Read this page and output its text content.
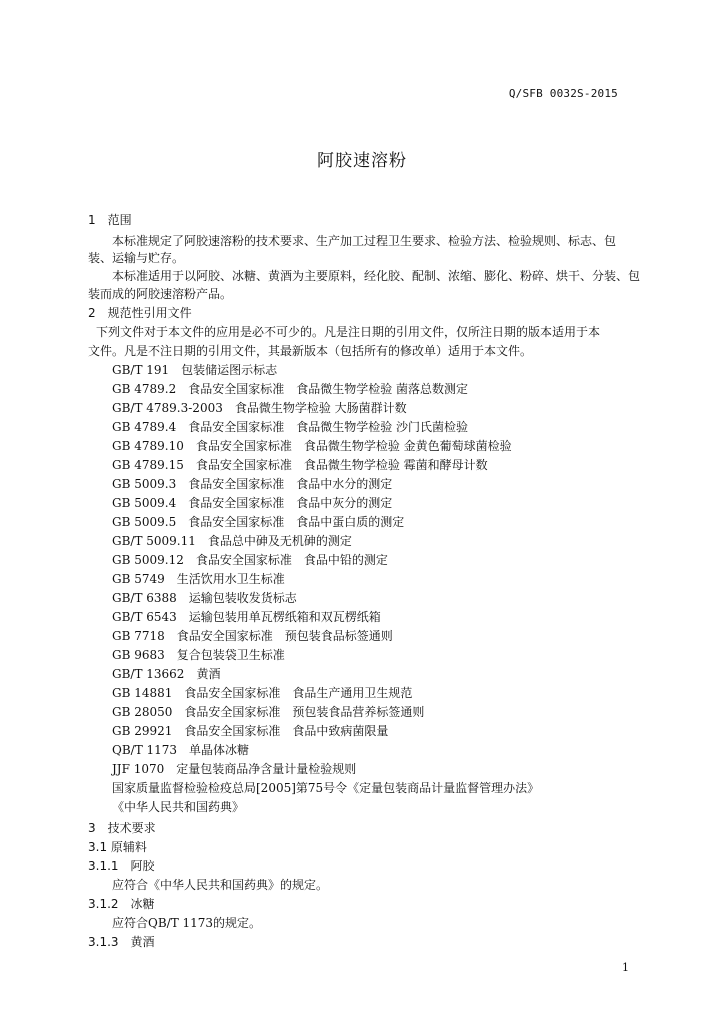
Q/SFB 0032S-2015
阿胶速溶粉
1　范围
本标准规定了阿胶速溶粉的技术要求、生产加工过程卫生要求、检验方法、检验规则、标志、包
装、运输与贮存。
本标准适用于以阿胶、冰糖、黄酒为主要原料，经化胶、配制、浓缩、膨化、粉碎、烘干、分装、包
装而成的阿胶速溶粉产品。
2　规范性引用文件
下列文件对于本文件的应用是必不可少的。凡是注日期的引用文件，仅所注日期的版本适用于本
文件。凡是不注日期的引用文件，其最新版本（包括所有的修改单）适用于本文件。
GB/T 191　包装储运图示标志
GB 4789.2　食品安全国家标准　食品微生物学检验 菌落总数测定
GB/T 4789.3-2003　食品微生物学检验 大肠菌群计数
GB 4789.4　食品安全国家标准　食品微生物学检验 沙门氏菌检验
GB 4789.10　食品安全国家标准　食品微生物学检验 金黄色葡萄球菌检验
GB 4789.15　食品安全国家标准　食品微生物学检验 霉菌和酵母计数
GB 5009.3　食品安全国家标准　食品中水分的测定
GB 5009.4　食品安全国家标准　食品中灰分的测定
GB 5009.5　食品安全国家标准　食品中蛋白质的测定
GB/T 5009.11　食品总中砷及无机砷的测定
GB 5009.12　食品安全国家标准　食品中铅的测定
GB 5749　生活饮用水卫生标准
GB/T 6388　运输包装收发货标志
GB/T 6543　运输包装用单瓦楞纸箱和双瓦楞纸箱
GB 7718　食品安全国家标准　预包装食品标签通则
GB 9683　复合包装袋卫生标准
GB/T 13662　黄酒
GB 14881　食品安全国家标准　食品生产通用卫生规范
GB 28050　食品安全国家标准　预包装食品营养标签通则
GB 29921　食品安全国家标准　食品中致病菌限量
QB/T 1173　单晶体冰糖
JJF 1070　定量包装商品净含量计量检验规则
国家质量监督检验检疫总局[2005]第75号令《定量包装商品计量监督管理办法》
《中华人民共和国药典》
3　技术要求
3.1 原辅料
3.1.1　阿胶
应符合《中华人民共和国药典》的规定。
3.1.2　冰糖
应符合QB/T 1173的规定。
3.1.3　黄酒
1
